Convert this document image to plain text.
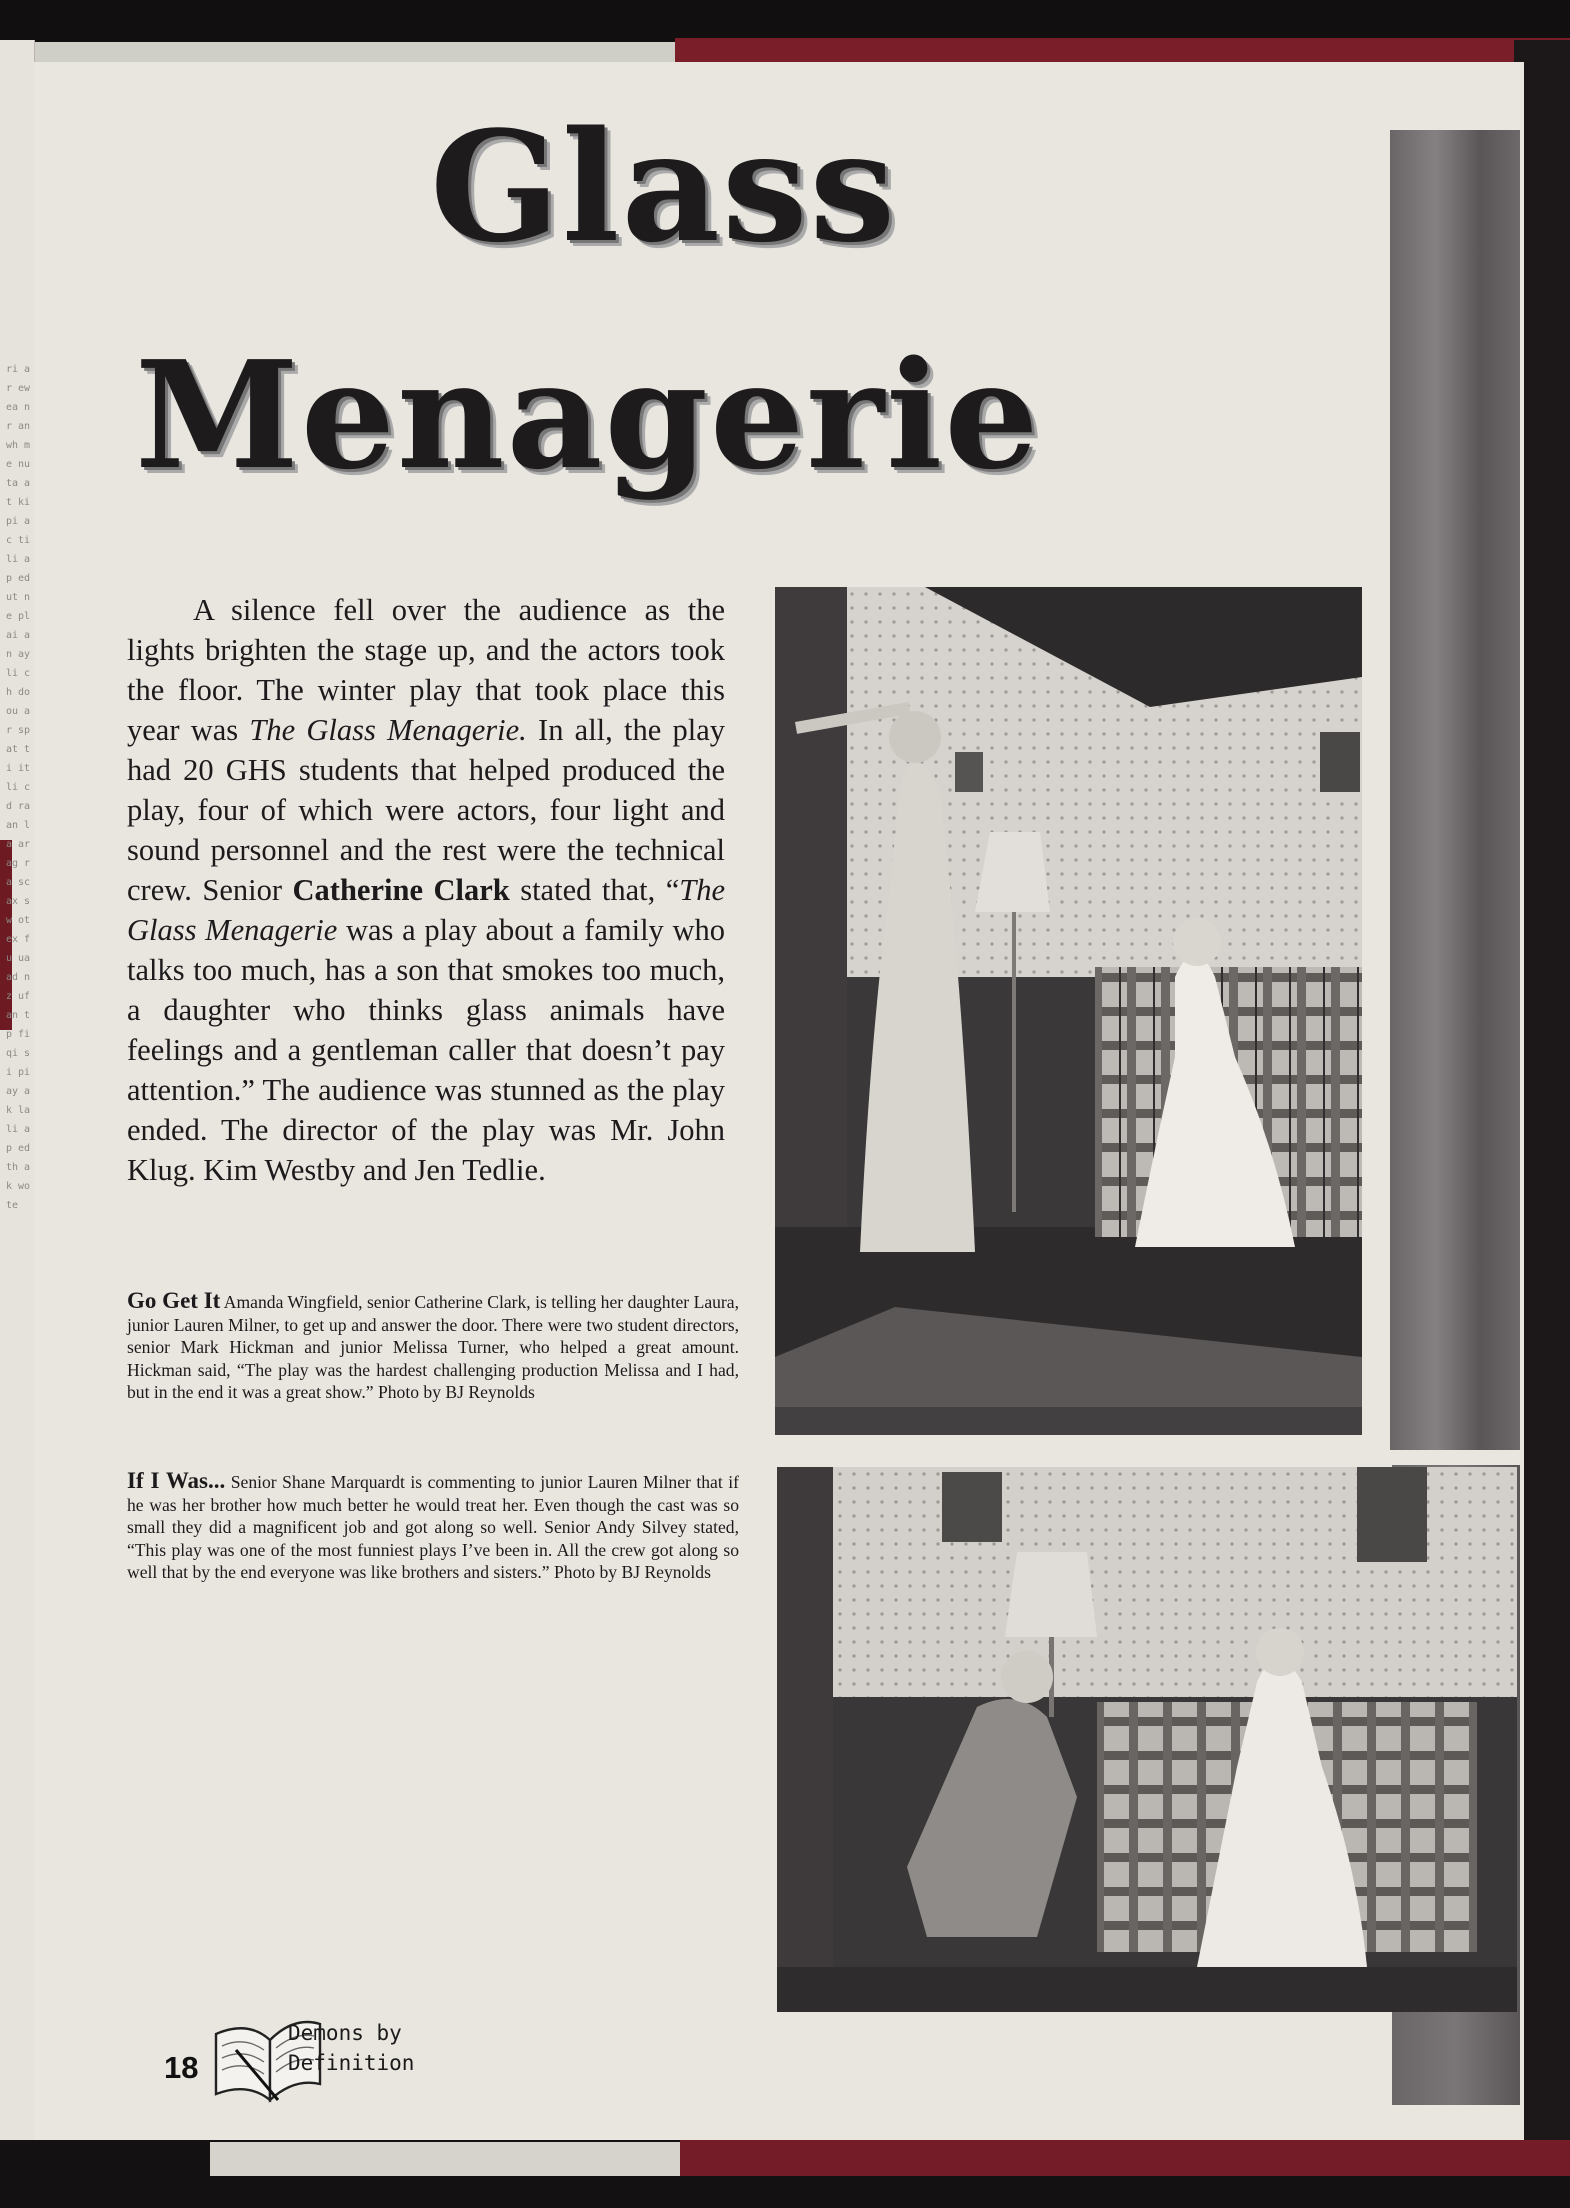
ri ar ew ea nr an wh me nu ta at ki pi ac ti li ap ed ut ne pl ai an ay li ch do ou ar sp at ti it li cd ra an la ar ag ra sc ax sw ot ex fu ua ad nz uf an tp fi qi si pi ay ak la li ap ed th ak wo te
Glass
Menagerie

A silence fell over the audience as the lights brighten the stage up, and the actors took the floor. The winter play that took place this year was The Glass Menagerie. In all, the play had 20 GHS students that helped produced the play, four of which were actors, four light and sound personnel and the rest were the technical crew. Senior Catherine Clark stated that, “The Glass Menagerie was a play about a family who talks too much, has a son that smokes too much, a daughter who thinks glass animals have feelings and a gentleman caller that doesn’t pay attention.” The audience was stunned as the play ended. The director of the play was Mr. John Klug. Kim Westby and Jen Tedlie.

Go Get It Amanda Wingfield, senior Catherine Clark, is telling her daughter Laura, junior Lauren Milner, to get up and answer the door. There were two student directors, senior Mark Hickman and junior Melissa Turner, who helped a great amount. Hickman said, “The play was the hardest challenging production Melissa and I had, but in the end it was a great show.” Photo by BJ Reynolds

If I Was... Senior Shane Marquardt is commenting to junior Lauren Milner that if he was her brother how much better he would treat her. Even though the cast was so small they did a magnificent job and got along so well. Senior Andy Silvey stated, “This play was one of the most funniest plays I’ve been in. All the crew got along so well that by the end everyone was like brothers and sisters.” Photo by BJ Reynolds

18
Demons by
Definition
